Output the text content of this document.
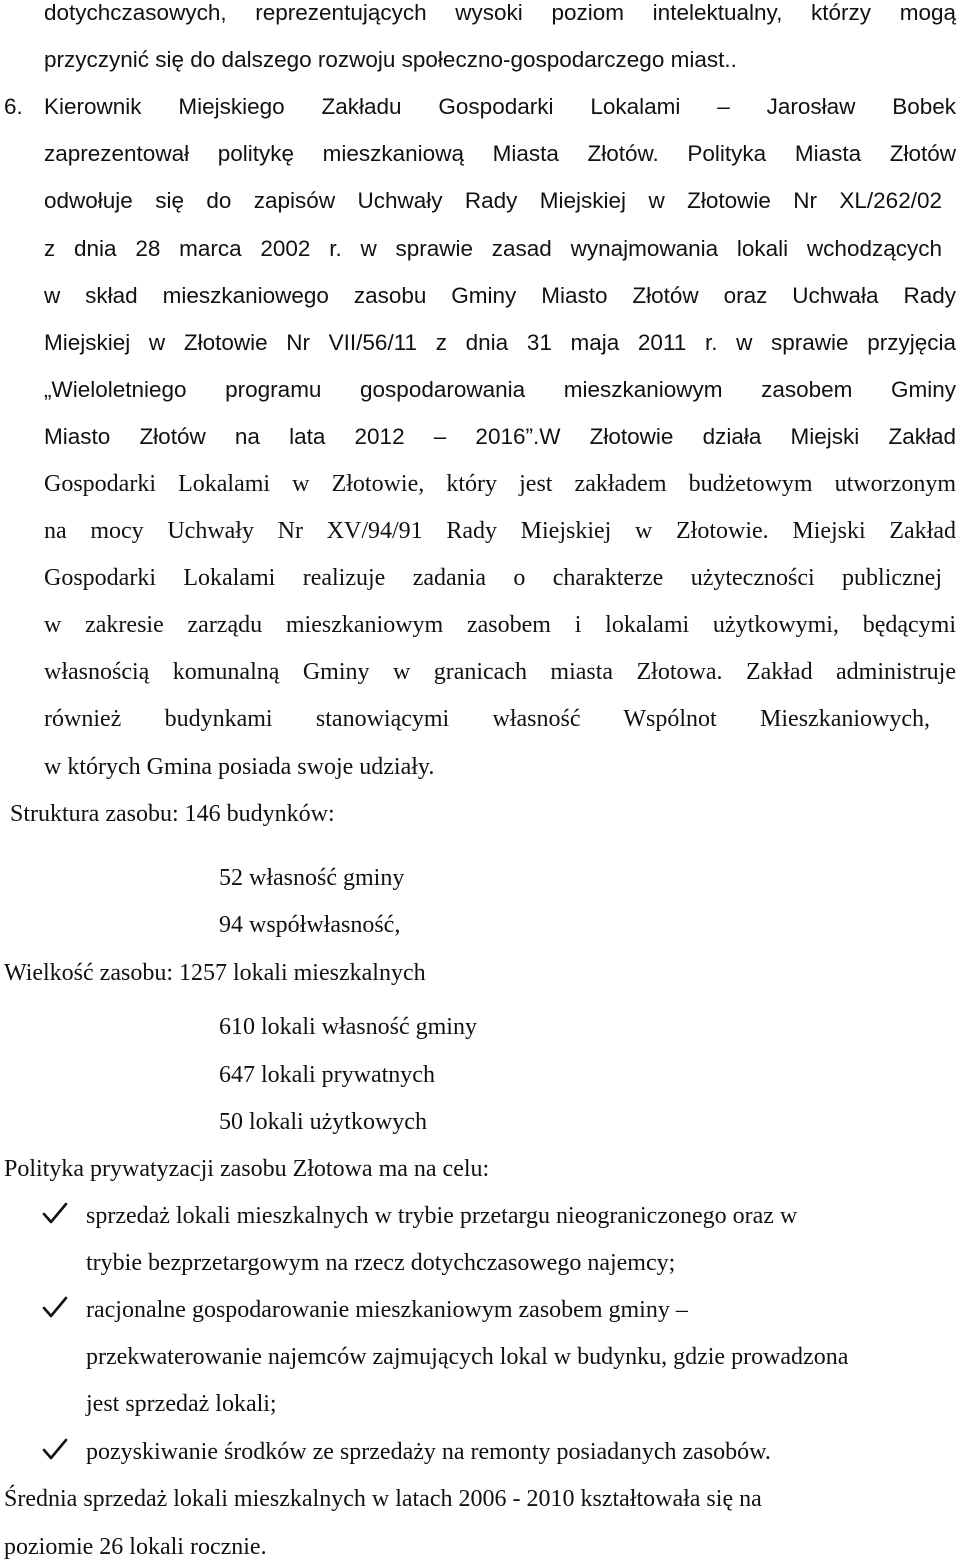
dotychczasowych, reprezentujących wysoki poziom intelektualny, którzy mogą
przyczynić się do dalszego rozwoju społeczno-gospodarczego miast..
6. Kierownik Miejskiego Zakładu Gospodarki Lokalami – Jarosław Bobek
zaprezentował politykę mieszkaniową Miasta Złotów. Polityka Miasta Złotów
odwołuje się do zapisów Uchwały Rady Miejskiej w Złotowie Nr XL/262/02
z dnia 28 marca 2002 r. w sprawie zasad wynajmowania lokali wchodzących
w skład mieszkaniowego zasobu Gminy Miasto Złotów oraz Uchwała Rady
Miejskiej w Złotowie Nr VII/56/11 z dnia 31 maja 2011 r. w sprawie przyjęcia
„Wieloletniego programu gospodarowania mieszkaniowym zasobem Gminy
Miasto Złotów na lata 2012 – 2016”.W Złotowie działa Miejski Zakład
Gospodarki Lokalami w Złotowie, który jest zakładem budżetowym utworzonym
na mocy Uchwały Nr XV/94/91 Rady Miejskiej w Złotowie. Miejski Zakład
Gospodarki Lokalami realizuje zadania o charakterze użyteczności publicznej
w zakresie zarządu mieszkaniowym zasobem i lokalami użytkowymi, będącymi
własnością komunalną Gminy w granicach miasta Złotowa. Zakład administruje
również budynkami stanowiącymi własność Wspólnot Mieszkaniowych,
w których Gmina posiada swoje udziały.
Struktura zasobu: 146 budynków:
52 własność gminy
94 współwłasność,
Wielkość zasobu: 1257 lokali mieszkalnych
610 lokali własność gminy
647 lokali prywatnych
50 lokali użytkowych
Polityka prywatyzacji zasobu Złotowa ma na celu:
sprzedaż lokali mieszkalnych w trybie przetargu nieograniczonego oraz w
trybie bezprzetargowym na rzecz dotychczasowego najemcy;
racjonalne gospodarowanie mieszkaniowym zasobem gminy –
przekwaterowanie najemców zajmujących lokal w budynku, gdzie prowadzona
jest sprzedaż lokali;
pozyskiwanie środków ze sprzedaży na remonty posiadanych zasobów.
Średnia sprzedaż lokali mieszkalnych w latach 2006 - 2010 kształtowała się na
poziomie 26 lokali rocznie.
